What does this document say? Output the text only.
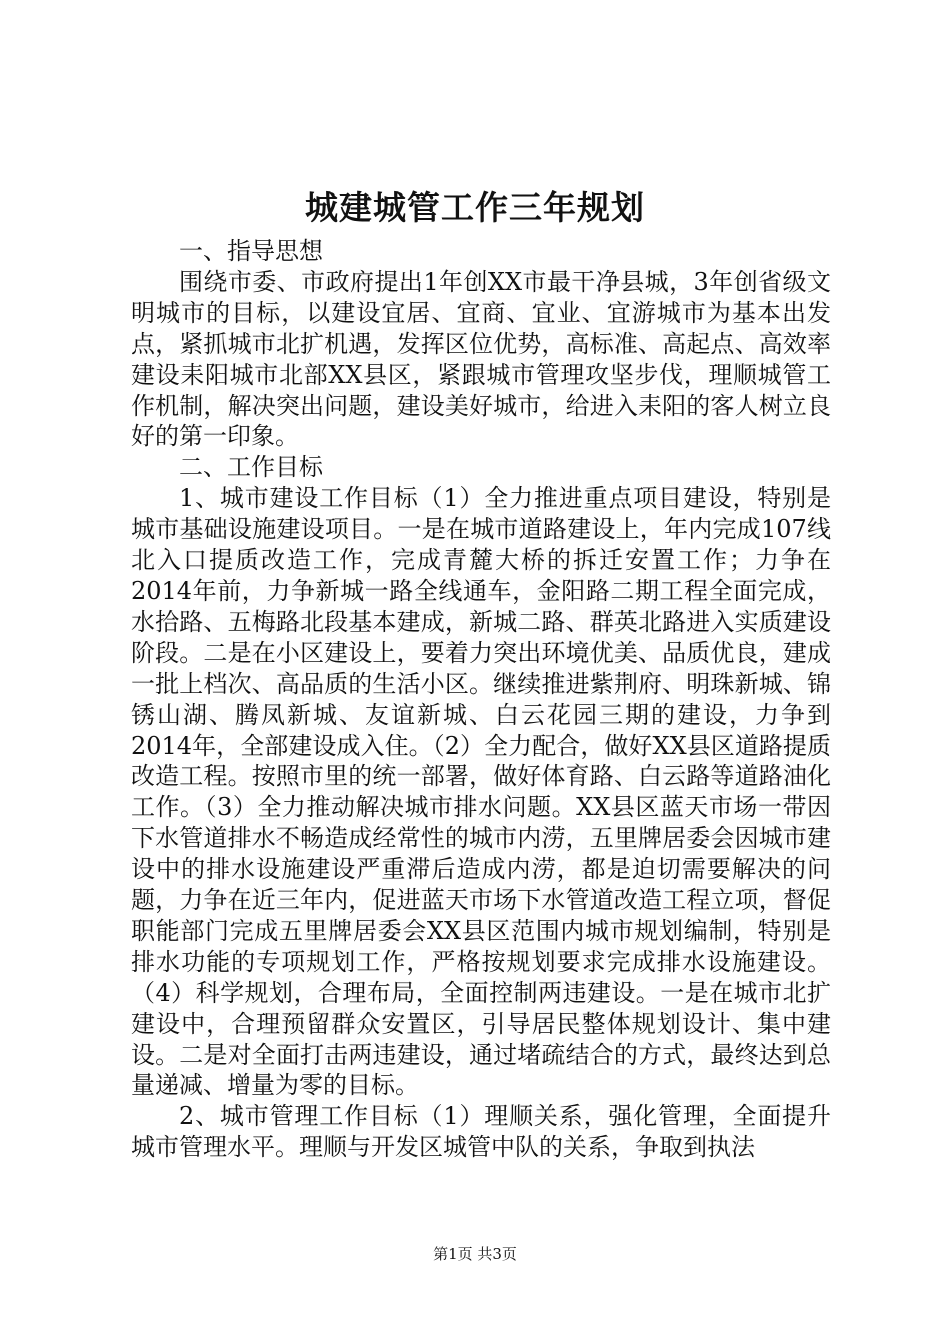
城建城管工作三年规划

一、指导思想

围绕市委、市政府提出1年创XX市最干净县城，3年创省级文明城市的目标，以建设宜居、宜商、宜业、宜游城市为基本出发点，紧抓城市北扩机遇，发挥区位优势，高标准、高起点、高效率建设耒阳城市北部XX县区，紧跟城市管理攻坚步伐，理顺城管工作机制，解决突出问题，建设美好城市，给进入耒阳的客人树立良好的第一印象。

二、工作目标

1、城市建设工作目标（1）全力推进重点项目建设，特别是城市基础设施建设项目。一是在城市道路建设上，年内完成107线北入口提质改造工作，完成青麓大桥的拆迁安置工作；力争在2014年前，力争新城一路全线通车，金阳路二期工程全面完成，水拾路、五梅路北段基本建成，新城二路、群英北路进入实质建设阶段。二是在小区建设上，要着力突出环境优美、品质优良，建成一批上档次、高品质的生活小区。继续推进紫荆府、明珠新城、锦锈山湖、腾凤新城、友谊新城、白云花园三期的建设，力争到2014年，全部建设成入住。（2）全力配合，做好XX县区道路提质改造工程。按照市里的统一部署，做好体育路、白云路等道路油化工作。（3）全力推动解决城市排水问题。XX县区蓝天市场一带因下水管道排水不畅造成经常性的城市内涝，五里牌居委会因城市建设中的排水设施建设严重滞后造成内涝，都是迫切需要解决的问题，力争在近三年内，促进蓝天市场下水管道改造工程立项，督促职能部门完成五里牌居委会XX县区范围内城市规划编制，特别是排水功能的专项规划工作，严格按规划要求完成排水设施建设。（4）科学规划，合理布局，全面控制两违建设。一是在城市北扩建设中，合理预留群众安置区，引导居民整体规划设计、集中建设。二是对全面打击两违建设，通过堵疏结合的方式，最终达到总量递减、增量为零的目标。

2、城市管理工作目标（1）理顺关系，强化管理，全面提升城市管理水平。理顺与开发区城管中队的关系，争取到执法

第1页 共3页
